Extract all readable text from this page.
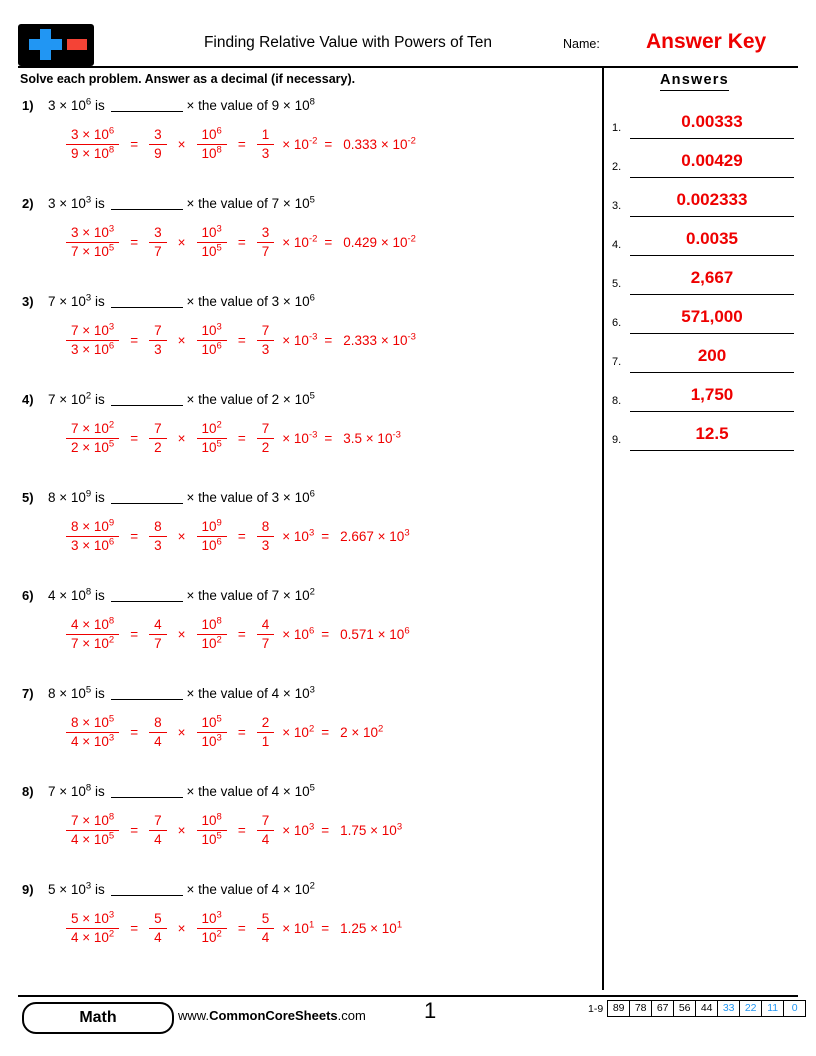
Finding Relative Value with Powers of Ten	Name: Answer Key
Solve each problem. Answer as a decimal (if necessary).
1) $3 \times 10^6$ is	× the value of $9 \times 10^8$
$\frac{3 \times 10^6}{9 \times 10^8} = \frac{3}{9} \times \frac{10^6}{10^8} = \frac{1}{3} \times 10^{-2} = 0.333 \times 10^{-2}$
2) $3 \times 10^3$ is	× the value of $7 \times 10^5$
$\frac{3 \times 10^3}{7 \times 10^5} = \frac{3}{7} \times \frac{10^3}{10^5} = \frac{3}{7} \times 10^{-2} = 0.429 \times 10^{-2}$
3) $7 \times 10^3$ is	× the value of $3 \times 10^6$
$\frac{7 \times 10^3}{3 \times 10^6} = \frac{7}{3} \times \frac{10^3}{10^6} = \frac{7}{3} \times 10^{-3} = 2.333 \times 10^{-3}$
4) $7 \times 10^2$ is	× the value of $2 \times 10^5$
$\frac{7 \times 10^2}{2 \times 10^5} = \frac{7}{2} \times \frac{10^2}{10^5} = \frac{7}{2} \times 10^{-3} = 3.5 \times 10^{-3}$
5) $8 \times 10^9$ is	× the value of $3 \times 10^6$
$\frac{8 \times 10^9}{3 \times 10^6} = \frac{8}{3} \times \frac{10^9}{10^6} = \frac{8}{3} \times 10^3 = 2.667 \times 10^3$
6) $4 \times 10^8$ is	× the value of $7 \times 10^2$
$\frac{4 \times 10^8}{7 \times 10^2} = \frac{4}{7} \times \frac{10^8}{10^2} = \frac{4}{7} \times 10^6 = 0.571 \times 10^6$
7) $8 \times 10^5$ is	× the value of $4 \times 10^3$
$\frac{8 \times 10^5}{4 \times 10^3} = \frac{8}{4} \times \frac{10^5}{10^3} = \frac{2}{1} \times 10^2 = 2 \times 10^2$
8) $7 \times 10^8$ is	× the value of $4 \times 10^5$
$\frac{7 \times 10^8}{4 \times 10^5} = \frac{7}{4} \times \frac{10^8}{10^5} = \frac{7}{4} \times 10^3 = 1.75 \times 10^3$
9) $5 \times 10^3$ is	× the value of $4 \times 10^2$
$\frac{5 \times 10^3}{4 \times 10^2} = \frac{5}{4} \times \frac{10^3}{10^2} = \frac{5}{4} \times 10^1 = 1.25 \times 10^1$
Answers
1.	0.00333
2.	0.00429
3.	0.002333
4.	0.0035
5.	2,667
6.	571,000
7.	200
8.	1,750
9.	12.5
Math	www.CommonCoreSheets.com	1	1-9 89 78 67 56 44 33 22	11	0
